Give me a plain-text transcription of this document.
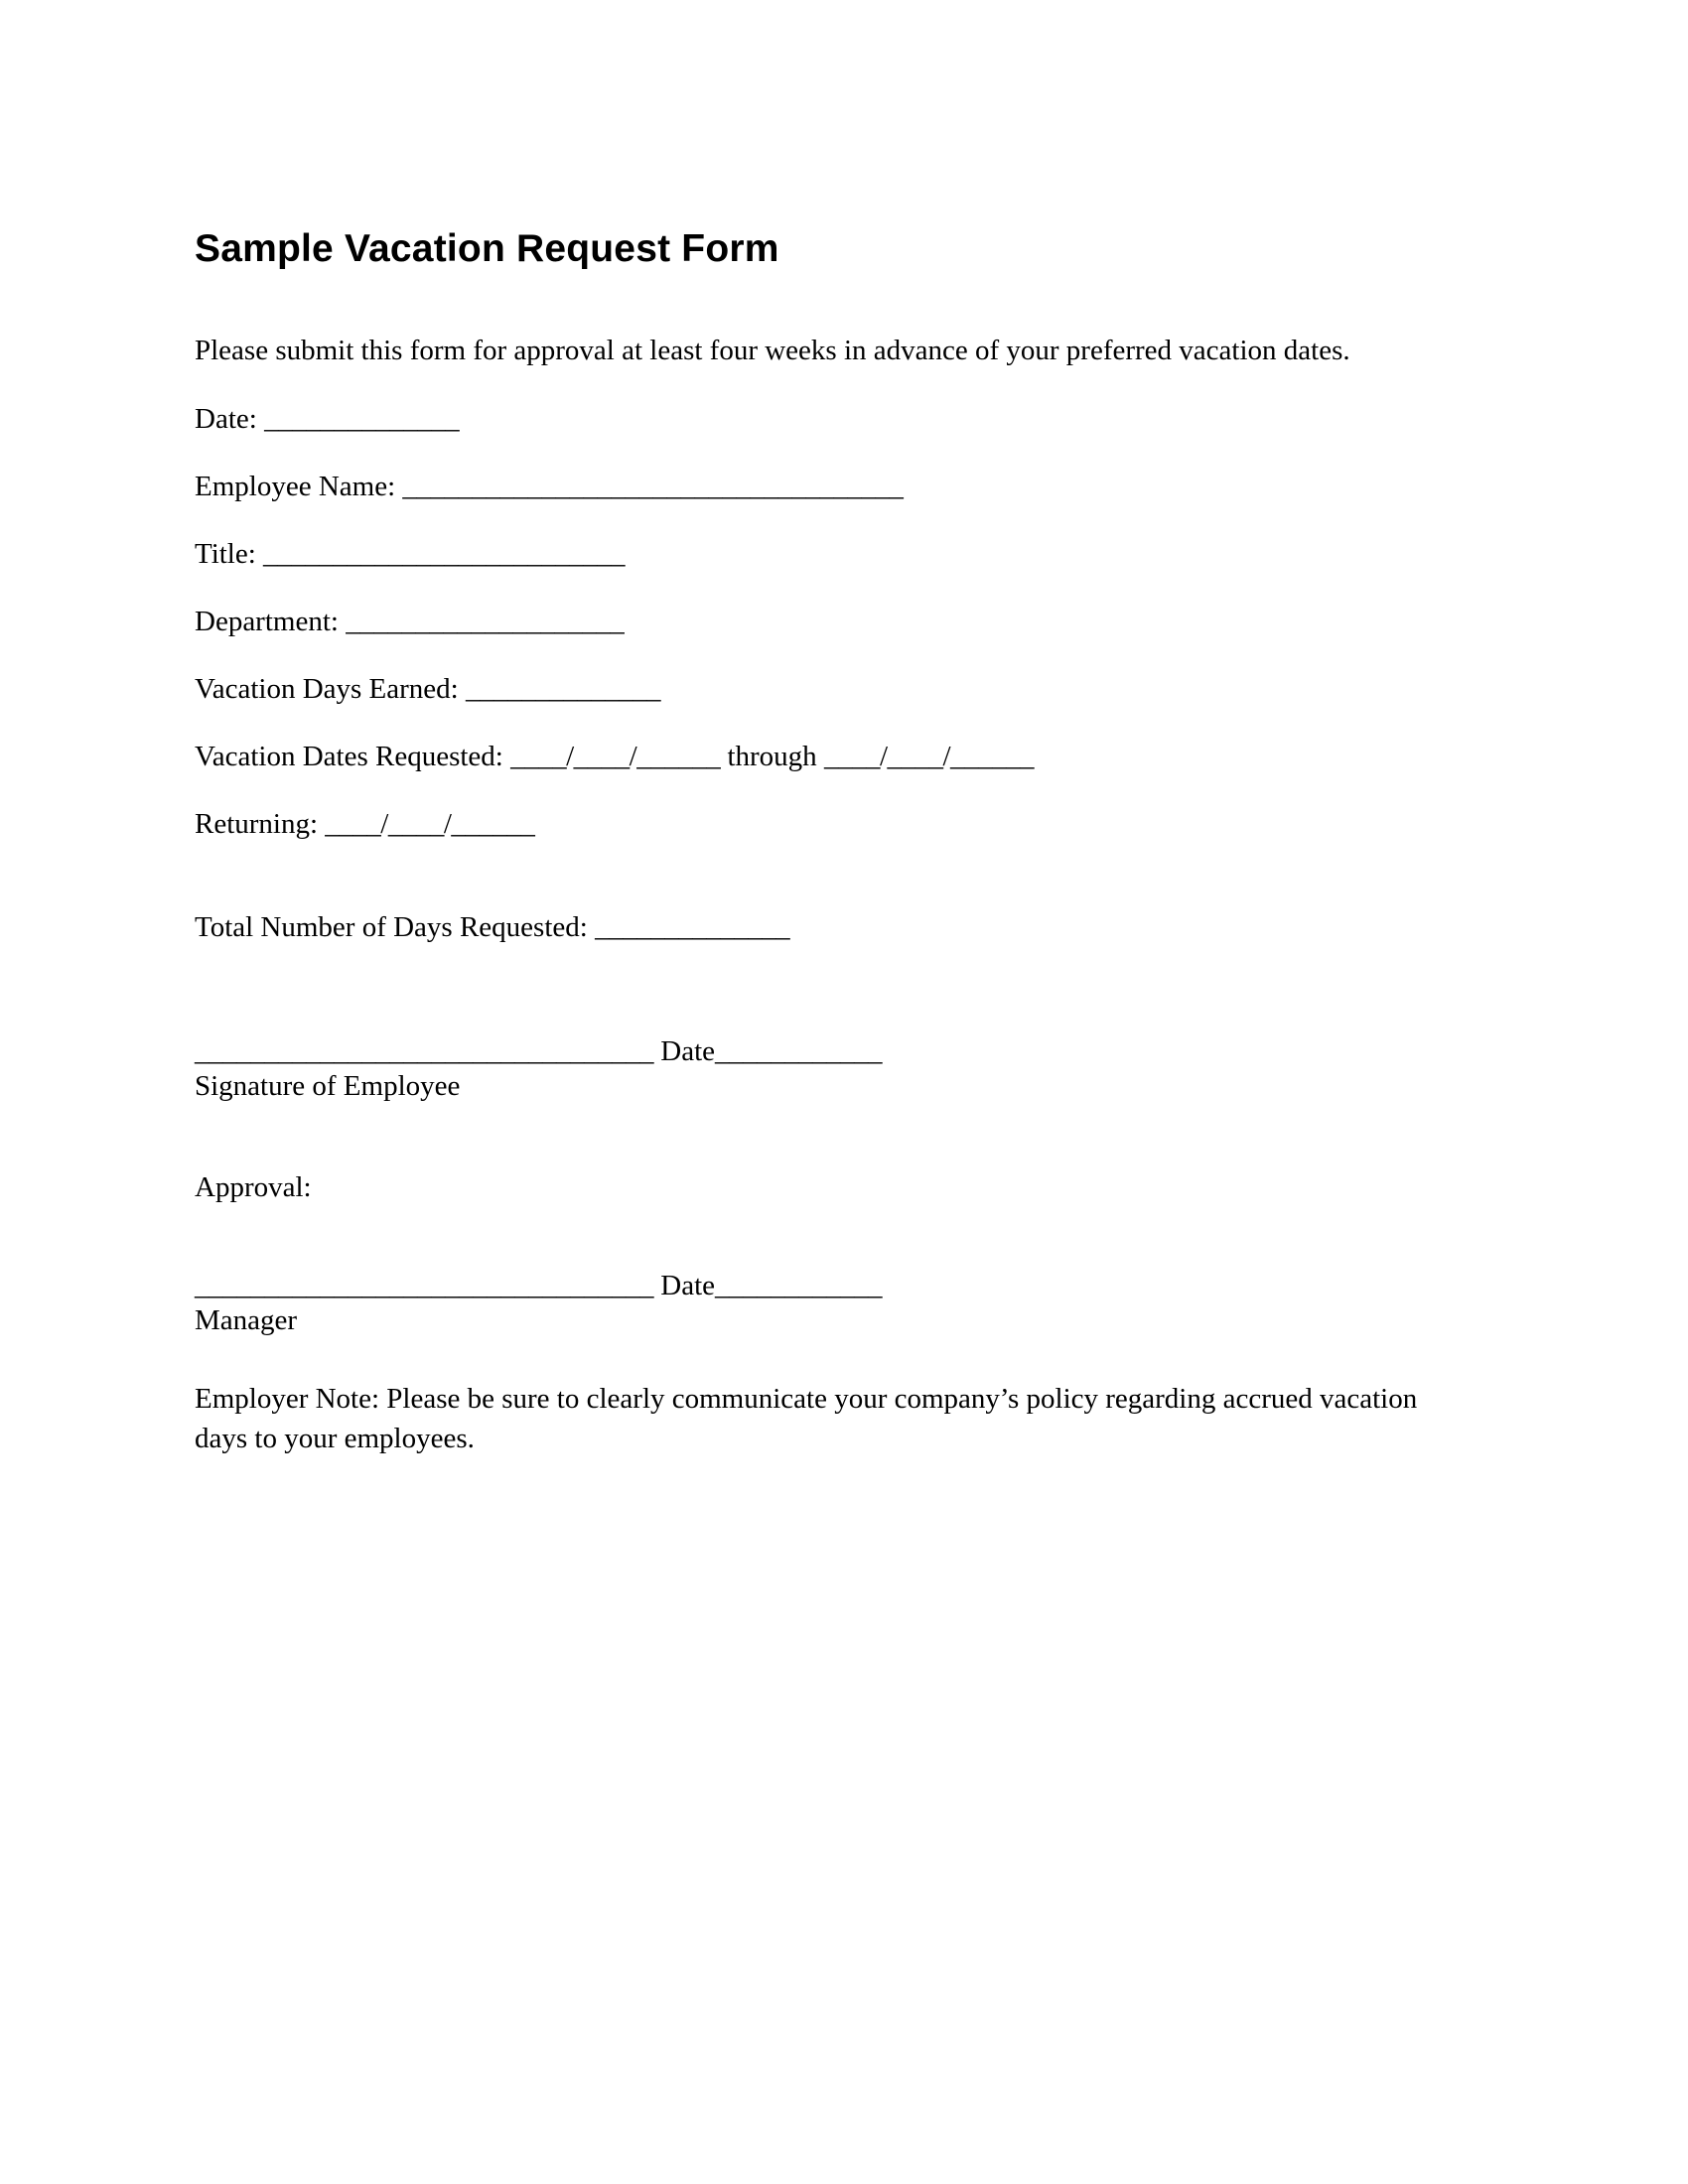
Sample Vacation Request Form

Please submit this form for approval at least four weeks in advance of your preferred vacation dates.

Date: ______________
Employee Name: ____________________________________
Title: __________________________
Department: ____________________
Vacation Days Earned: ______________
Vacation Dates Requested: ____/____/______ through ____/____/______
Returning: ____/____/______
Total Number of Days Requested: ______________
_________________________________ Date____________
Signature of Employee
Approval:
_________________________________ Date____________
Manager

Employer Note: Please be sure to clearly communicate your company’s policy regarding accrued vacation days to your employees.
